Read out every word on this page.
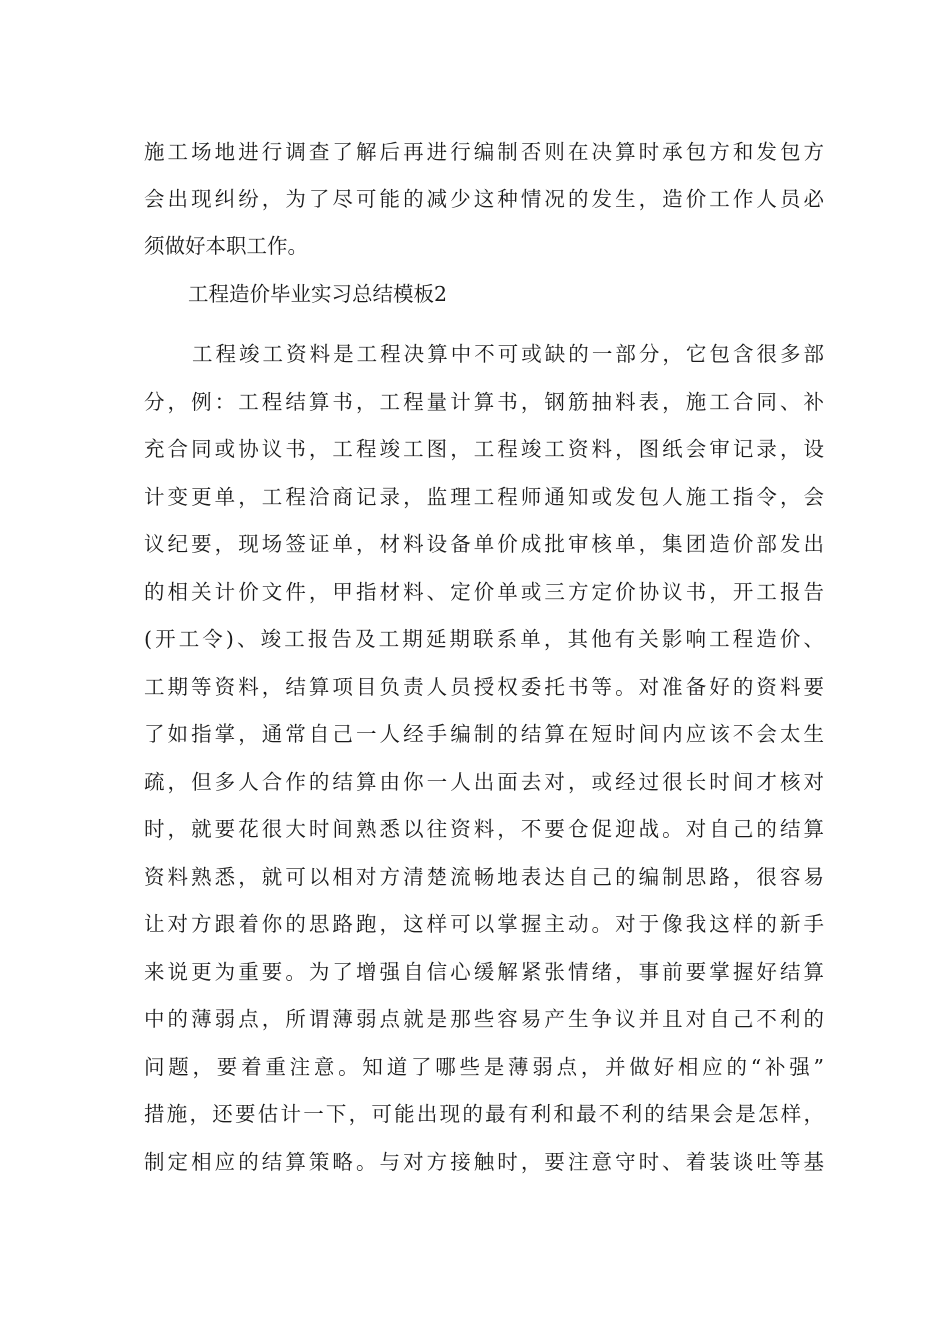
施工场地进行调查了解后再进行编制否则在决算时承包方和发包方
会出现纠纷，为了尽可能的减少这种情况的发生，造价工作人员必
须做好本职工作。
工程造价毕业实习总结模板2
工程竣工资料是工程决算中不可或缺的一部分，它包含很多部
分，例：工程结算书，工程量计算书，钢筋抽料表，施工合同、补
充合同或协议书，工程竣工图，工程竣工资料，图纸会审记录，设
计变更单，工程洽商记录，监理工程师通知或发包人施工指令，会
议纪要，现场签证单，材料设备单价成批审核单，集团造价部发出
的相关计价文件，甲指材料、定价单或三方定价协议书，开工报告
(开工令)、竣工报告及工期延期联系单，其他有关影响工程造价、
工期等资料，结算项目负责人员授权委托书等。对准备好的资料要
了如指掌，通常自己一人经手编制的结算在短时间内应该不会太生
疏，但多人合作的结算由你一人出面去对，或经过很长时间才核对
时，就要花很大时间熟悉以往资料，不要仓促迎战。对自己的结算
资料熟悉，就可以相对方清楚流畅地表达自己的编制思路，很容易
让对方跟着你的思路跑，这样可以掌握主动。对于像我这样的新手
来说更为重要。为了增强自信心缓解紧张情绪，事前要掌握好结算
中的薄弱点，所谓薄弱点就是那些容易产生争议并且对自己不利的
问题，要着重注意。知道了哪些是薄弱点，并做好相应的“补强”
措施，还要估计一下，可能出现的最有利和最不利的结果会是怎样，
制定相应的结算策略。与对方接触时，要注意守时、着装谈吐等基
